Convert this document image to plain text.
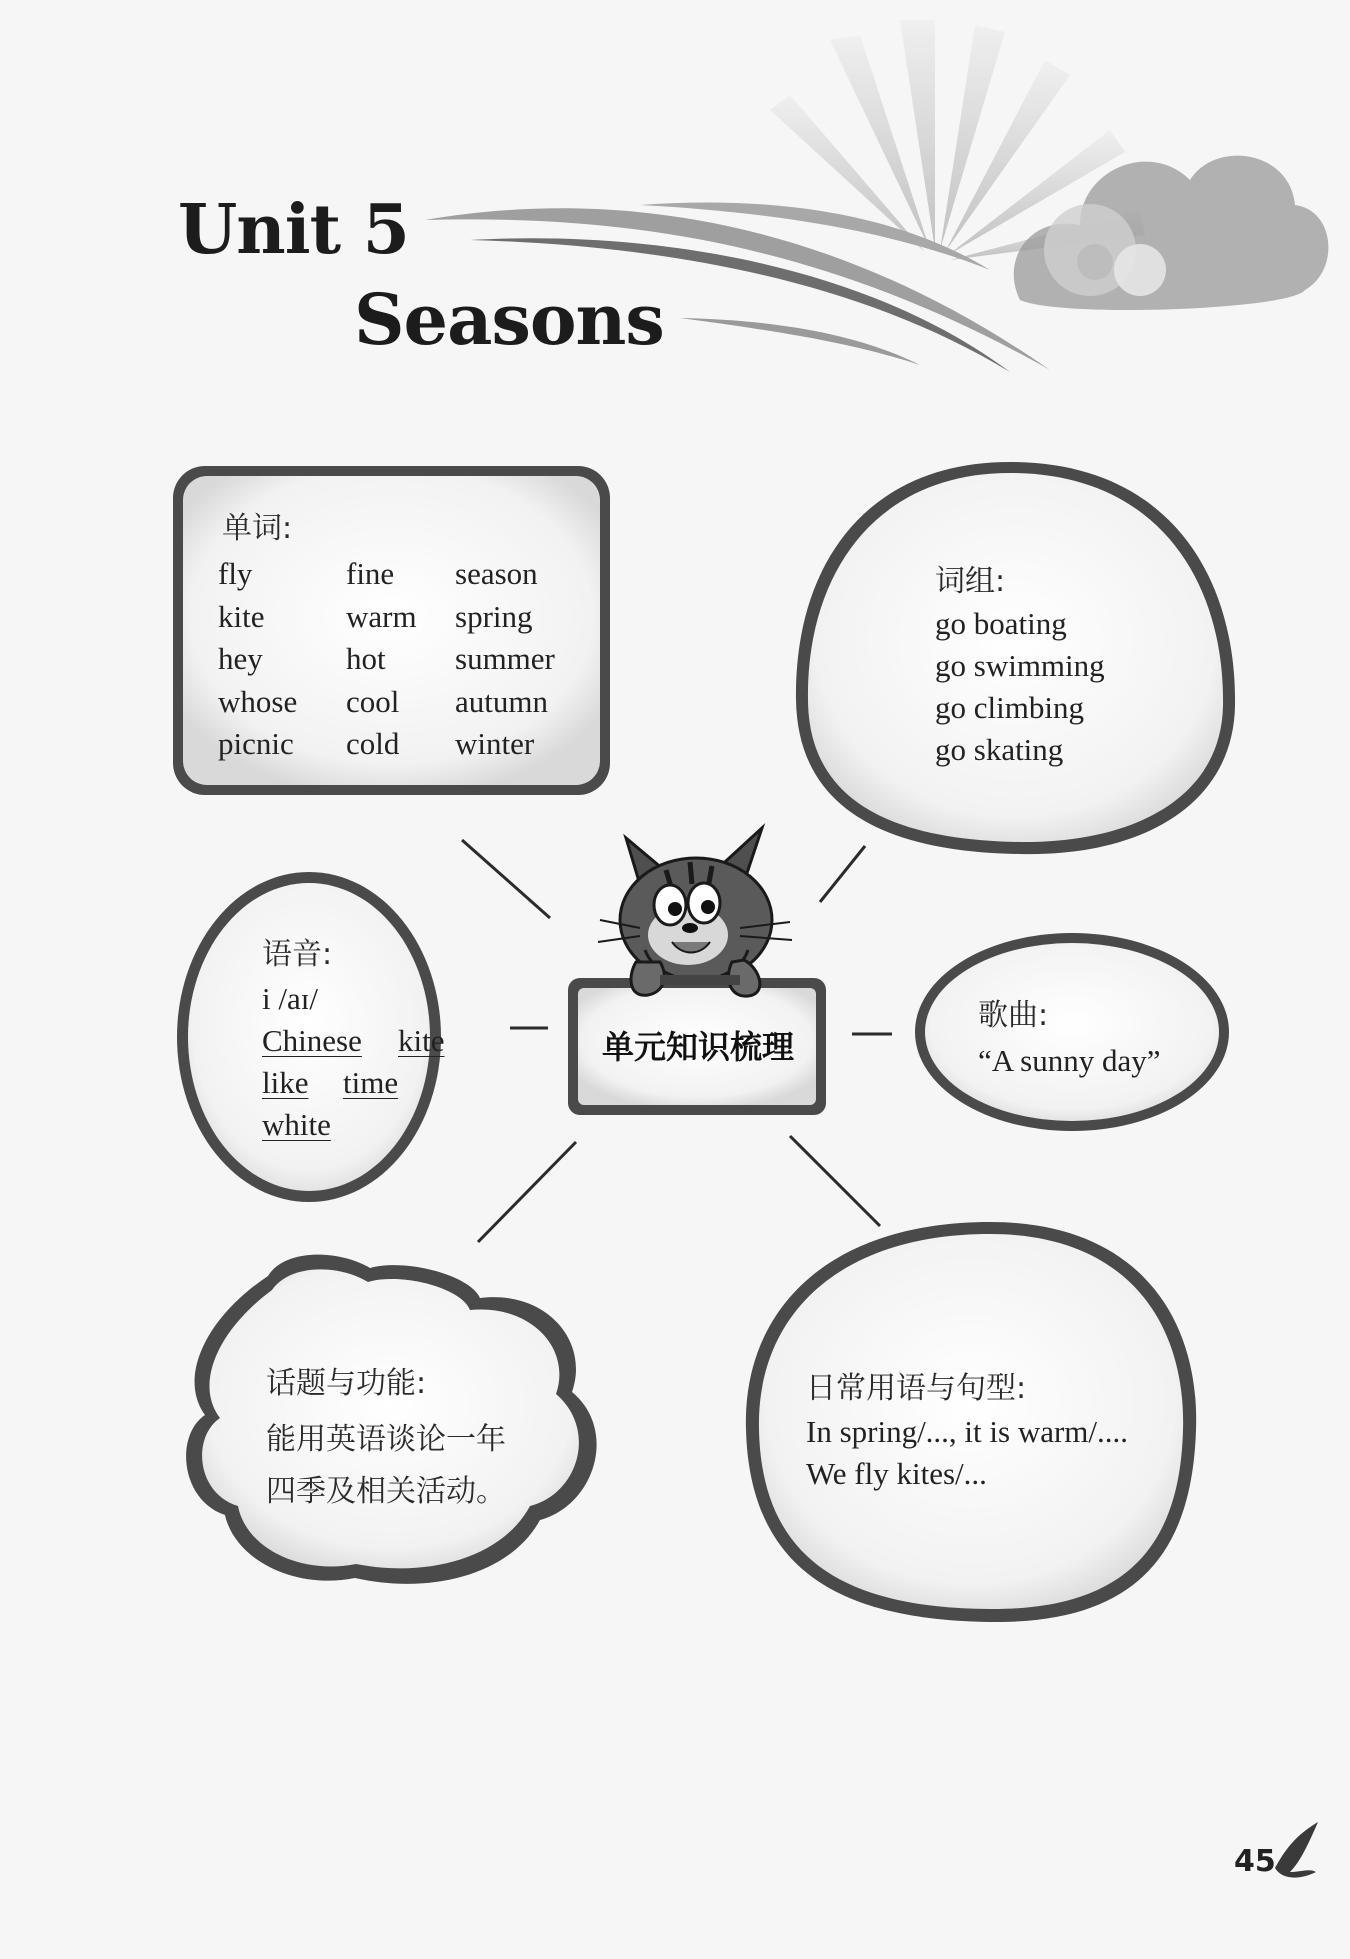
Unit 5
Seasons
单词:
fly
kite
hey
whose
picnic
fine
warm
hot
cool
cold
season
spring
summer
autumn
winter
词组:
go boating
go swimming
go climbing
go skating
语音:
i /aɪ/
Chinese kite
like time
white
单元知识梳理
歌曲:
“A sunny day”
话题与功能:
能用英语谈论一年
四季及相关活动。
日常用语与句型:
In spring/..., it is warm/....
We fly kites/...
45
